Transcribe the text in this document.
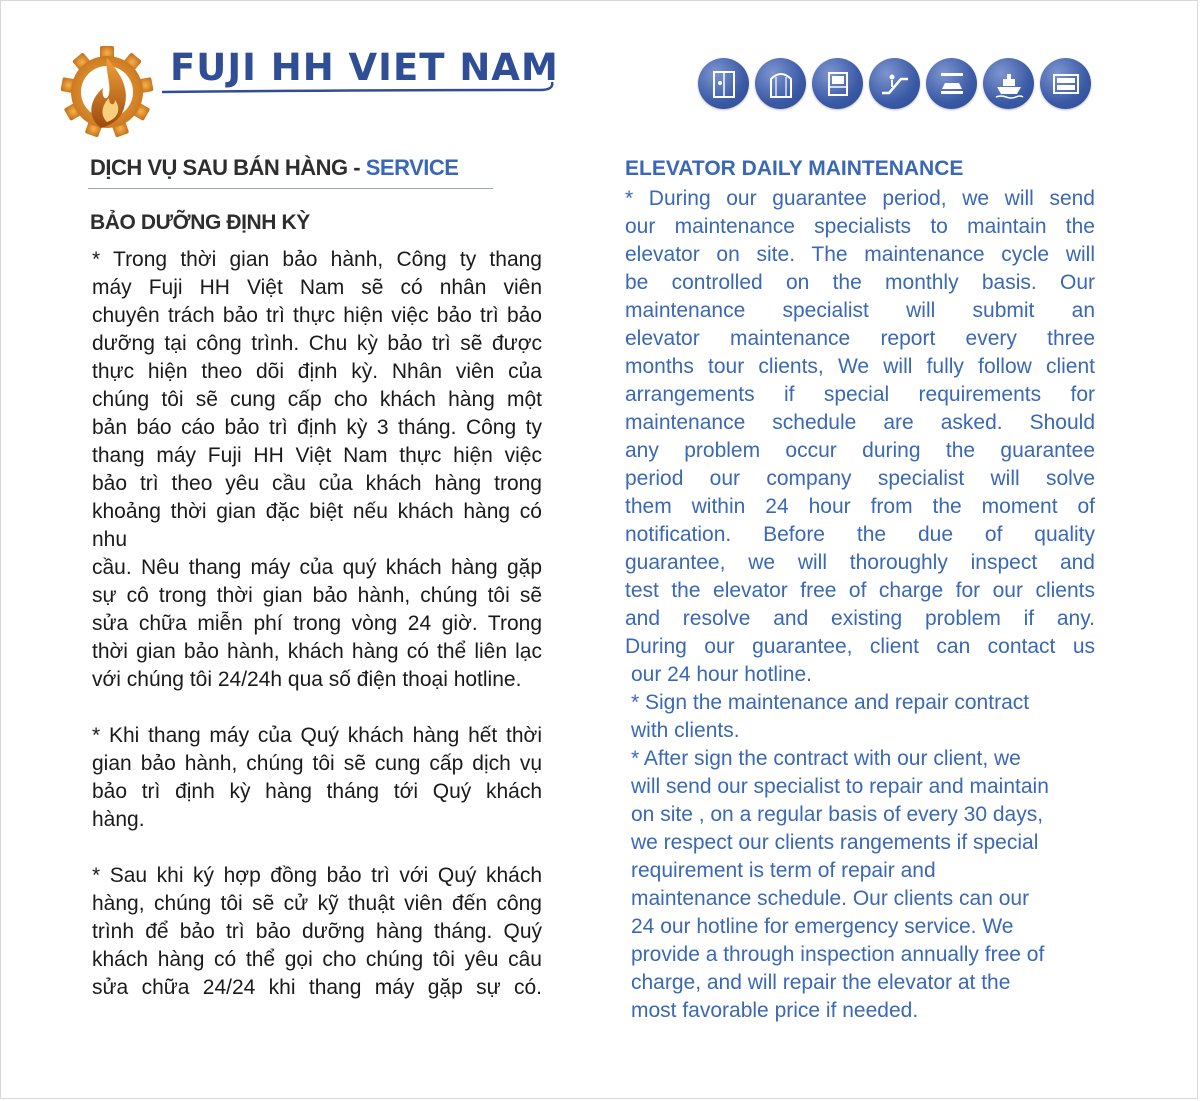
FUJI HH VIET NAM
DỊCH VỤ SAU BÁN HÀNG - SERVICE
BẢO DƯỠNG ĐỊNH KỲ
* Trong thời gian bảo hành, Công ty thang
máy Fuji HH Việt Nam sẽ có nhân viên
chuyên trách bảo trì thực hiện việc bảo trì bảo
dưỡng tại công trình. Chu kỳ bảo trì sẽ được
thực hiện theo dõi định kỳ. Nhân viên của
chúng tôi sẽ cung cấp cho khách hàng một
bản báo cáo bảo trì định kỳ 3 tháng. Công ty
thang máy Fuji HH Việt Nam thực hiện việc
bảo trì theo yêu cầu của khách hàng trong
khoảng thời gian đặc biệt nếu khách hàng có
nhu
cầu. Nêu thang máy của quý khách hàng gặp
sự cô trong thời gian bảo hành, chúng tôi sẽ
sửa chữa miễn phí trong vòng 24 giờ. Trong
thời gian bảo hành, khách hàng có thể liên lạc
với chúng tôi 24/24h qua số điện thoại hotline.
* Khi thang máy của Quý khách hàng hết thời
gian bảo hành, chúng tôi sẽ cung cấp dịch vụ
bảo trì định kỳ hàng tháng tới Quý khách
hàng.
* Sau khi ký hợp đồng bảo trì với Quý khách
hàng, chúng tôi sẽ cử kỹ thuật viên đến công
trình để bảo trì bảo dưỡng hàng tháng. Quý
khách hàng có thể gọi cho chúng tôi yêu câu
sửa chữa 24/24 khi thang máy gặp sự có.
ELEVATOR DAILY MAINTENANCE
* During our guarantee period, we will send
our maintenance specialists to maintain the
elevator on site. The maintenance cycle will
be controlled on the monthly basis. Our
maintenance specialist will submit an
elevator maintenance report every three
months tour clients, We will fully follow client
arrangements if special requirements for
maintenance schedule are asked. Should
any problem occur during the guarantee
period our company specialist will solve
them within 24 hour from the moment of
notification. Before the due of quality
guarantee, we will thoroughly inspect and
test the elevator free of charge for our clients
and resolve and existing problem if any.
During our guarantee, client can contact us
our 24 hour hotline.
* Sign the maintenance and repair contract
with clients.
* After sign the contract with our client, we
will send our specialist to repair and maintain
on site , on a regular basis of every 30 days,
we respect our clients rangements if special
requirement is term of repair and
maintenance schedule. Our clients can our
24 our hotline for emergency service. We
provide a through inspection annually free of
charge, and will repair the elevator at the
most favorable price if needed.
